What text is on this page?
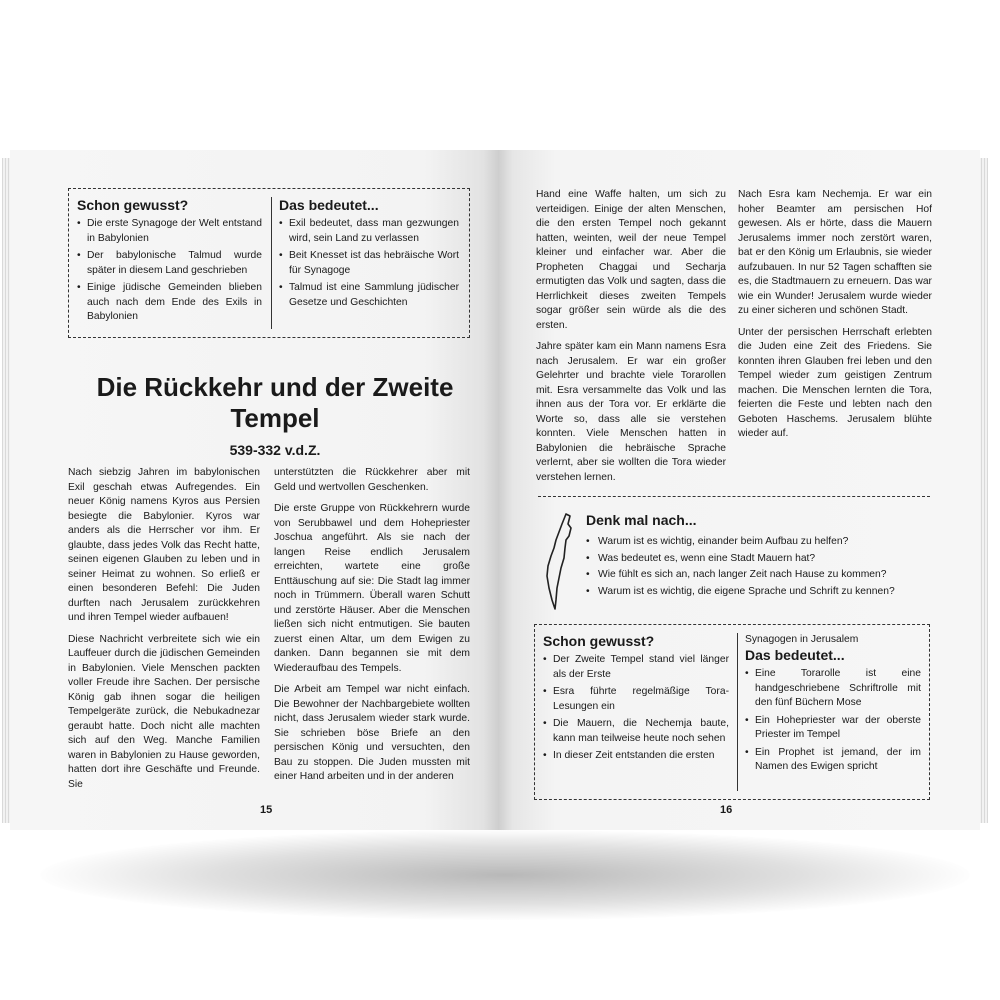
Schon gewusst?
• Die erste Synagoge der Welt entstand in Babylonien
• Der babylonische Talmud wurde später in diesem Land geschrieben
• Einige jüdische Gemeinden blieben auch nach dem Ende des Exils in Babylonien
Das bedeutet...
• Exil bedeutet, dass man gezwungen wird, sein Land zu verlassen
• Beit Knesset ist das hebräische Wort für Synagoge
• Talmud ist eine Sammlung jüdischer Gesetze und Geschichten
Die Rückkehr und der Zweite
Tempel
539-332 v.d.Z.

Nach siebzig Jahren im babylonischen Exil geschah etwas Aufregendes. Ein neuer König namens Kyros aus Persien besiegte die Babylonier. Kyros war anders als die Herrscher vor ihm. Er glaubte, dass jedes Volk das Recht hatte, seinen eigenen Glauben zu leben und in seiner Heimat zu wohnen. So erließ er einen besonderen Befehl: Die Juden durften nach Jerusalem zurückkehren und ihren Tempel wieder aufbauen!

Diese Nachricht verbreitete sich wie ein Lauffeuer durch die jüdischen Gemeinden in Babylonien. Viele Menschen packten voller Freude ihre Sachen. Der persische König gab ihnen sogar die heiligen Tempelgeräte zurück, die Nebukadnezar geraubt hatte. Doch nicht alle machten sich auf den Weg. Manche Familien waren in Babylonien zu Hause geworden, hatten dort ihre Geschäfte und Freunde. Sie

unterstützten die Rückkehrer aber mit Geld und wertvollen Geschenken.

Die erste Gruppe von Rückkehrern wurde von Serubbawel und dem Hohepriester Joschua angeführt. Als sie nach der langen Reise endlich Jerusalem erreichten, wartete eine große Enttäuschung auf sie: Die Stadt lag immer noch in Trümmern. Überall waren Schutt und zerstörte Häuser. Aber die Menschen ließen sich nicht entmutigen. Sie bauten zuerst einen Altar, um dem Ewigen zu danken. Dann begannen sie mit dem Wiederaufbau des Tempels.

Die Arbeit am Tempel war nicht einfach. Die Bewohner der Nachbargebiete wollten nicht, dass Jerusalem wieder stark wurde. Sie schrieben böse Briefe an den persischen König und versuchten, den Bau zu stoppen. Die Juden mussten mit einer Hand arbeiten und in der anderen

15

Hand eine Waffe halten, um sich zu verteidigen. Einige der alten Menschen, die den ersten Tempel noch gekannt hatten, weinten, weil der neue Tempel kleiner und einfacher war. Aber die Propheten Chaggai und Secharja ermutigten das Volk und sagten, dass die Herrlichkeit dieses zweiten Tempels sogar größer sein würde als die des ersten.

Jahre später kam ein Mann namens Esra nach Jerusalem. Er war ein großer Gelehrter und brachte viele Torarollen mit. Esra versammelte das Volk und las ihnen aus der Tora vor. Er erklärte die Worte so, dass alle sie verstehen konnten. Viele Menschen hatten in Babylonien die hebräische Sprache verlernt, aber sie wollten die Tora wieder verstehen lernen.

Nach Esra kam Nechemja. Er war ein hoher Beamter am persischen Hof gewesen. Als er hörte, dass die Mauern Jerusalems immer noch zerstört waren, bat er den König um Erlaubnis, sie wieder aufzubauen. In nur 52 Tagen schafften sie es, die Stadtmauern zu erneuern. Das war wie ein Wunder! Jerusalem wurde wieder zu einer sicheren und schönen Stadt.

Unter der persischen Herrschaft erlebten die Juden eine Zeit des Friedens. Sie konnten ihren Glauben frei leben und den Tempel wieder zum geistigen Zentrum machen. Die Menschen lernten die Tora, feierten die Feste und lebten nach den Geboten Haschems. Jerusalem blühte wieder auf.

Denk mal nach...
• Warum ist es wichtig, einander beim Aufbau zu helfen?
• Was bedeutet es, wenn eine Stadt Mauern hat?
• Wie fühlt es sich an, nach langer Zeit nach Hause zu kommen?
• Warum ist es wichtig, die eigene Sprache und Schrift zu kennen?
Schon gewusst?
• Der Zweite Tempel stand viel länger als der Erste
• Esra führte regelmäßige Tora-Lesungen ein
• Die Mauern, die Nechemja baute, kann man teilweise heute noch sehen
• In dieser Zeit entstanden die ersten
Synagogen in Jerusalem
Das bedeutet...
• Eine Torarolle ist eine handgeschriebene Schriftrolle mit den fünf Büchern Mose
• Ein Hohepriester war der oberste Priester im Tempel
• Ein Prophet ist jemand, der im Namen des Ewigen spricht
16
